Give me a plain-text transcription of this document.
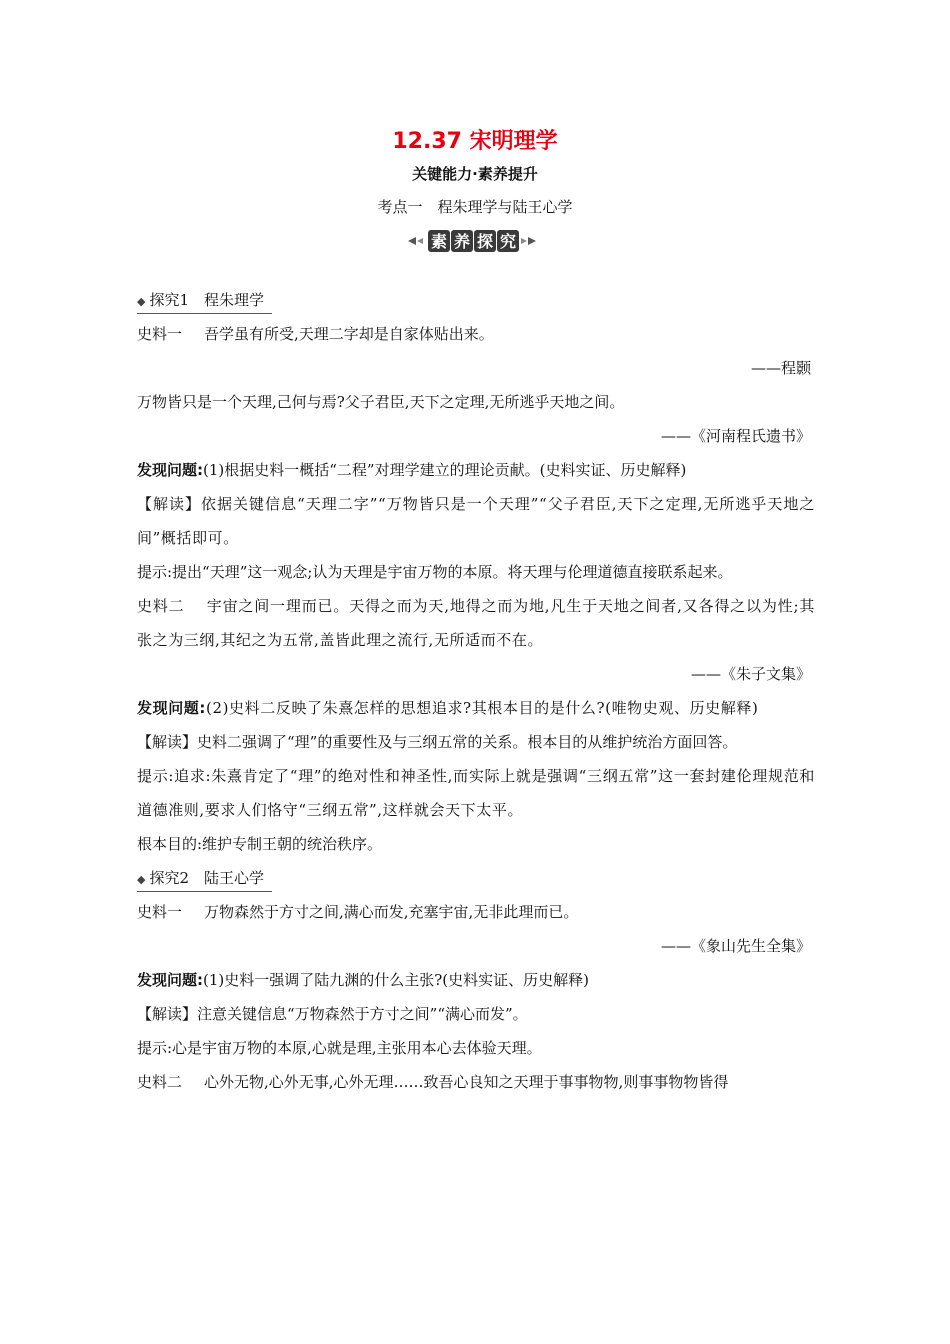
12.37 宋明理学
关键能力·素养提升
考点一　程朱理学与陆王心学
素 养 探 究
◆ 探究1　程朱理学
史料一 吾学虽有所受,天理二字却是自家体贴出来。
——程颢
万物皆只是一个天理,己何与焉?父子君臣,天下之定理,无所逃乎天地之间。
——《河南程氏遗书》
发现问题:(1)根据史料一概括“二程”对理学建立的理论贡献。(史料实证、历史解释)
【解读】依据关键信息“天理二字”“万物皆只是一个天理”“父子君臣,天下之定理,无所逃乎天地之间”概括即可。
提示:提出“天理”这一观念;认为天理是宇宙万物的本原。将天理与伦理道德直接联系起来。
史料二 宇宙之间一理而已。天得之而为天,地得之而为地,凡生于天地之间者,又各得之以为性;其张之为三纲,其纪之为五常,盖皆此理之流行,无所适而不在。
——《朱子文集》
发现问题:(2)史料二反映了朱熹怎样的思想追求?其根本目的是什么?(唯物史观、历史解释)
【解读】史料二强调了“理”的重要性及与三纲五常的关系。根本目的从维护统治方面回答。
提示:追求:朱熹肯定了“理”的绝对性和神圣性,而实际上就是强调“三纲五常”这一套封建伦理规范和道德准则,要求人们恪守“三纲五常”,这样就会天下太平。
根本目的:维护专制王朝的统治秩序。
◆ 探究2　陆王心学
史料一 万物森然于方寸之间,满心而发,充塞宇宙,无非此理而已。
——《象山先生全集》
发现问题:(1)史料一强调了陆九渊的什么主张?(史料实证、历史解释)
【解读】注意关键信息“万物森然于方寸之间”“满心而发”。
提示:心是宇宙万物的本原,心就是理,主张用本心去体验天理。
史料二 心外无物,心外无事,心外无理……致吾心良知之天理于事事物物,则事事物物皆得
